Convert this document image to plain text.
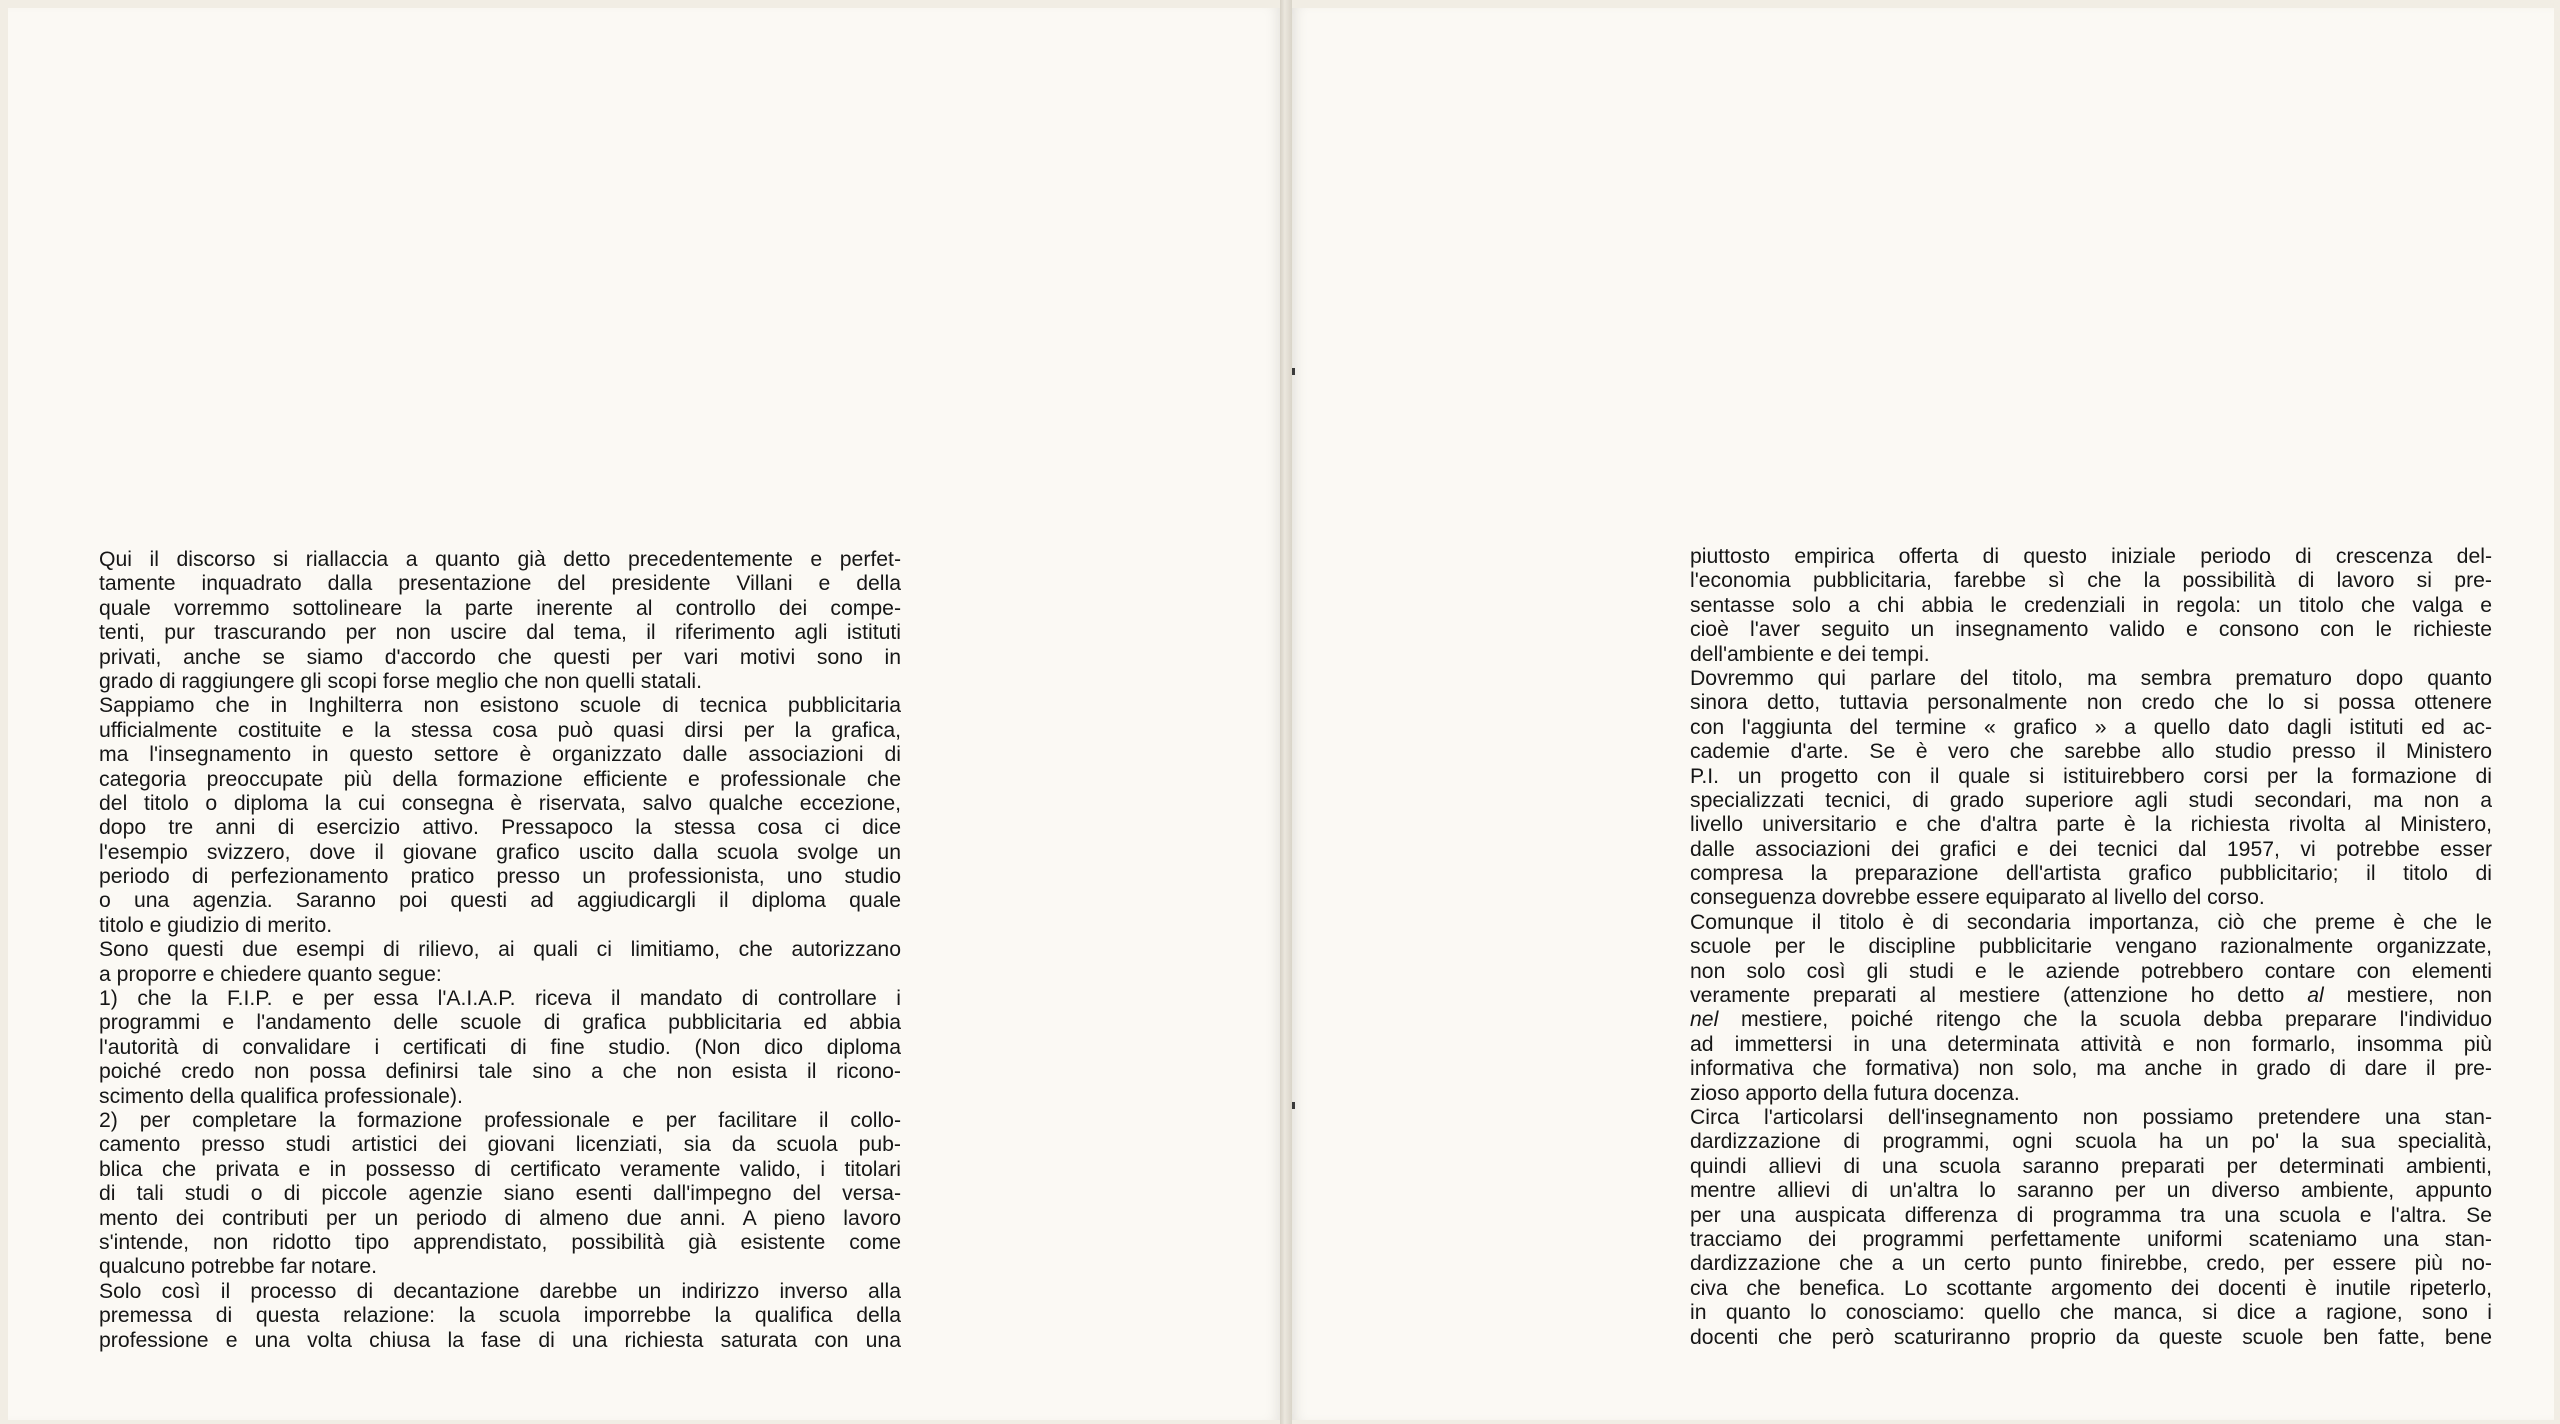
Qui il discorso si riallaccia a quanto già detto precedentemente e perfet-
tamente inquadrato dalla presentazione del presidente Villani e della
quale vorremmo sottolineare la parte inerente al controllo dei compe-
tenti, pur trascurando per non uscire dal tema, il riferimento agli istituti
privati, anche se siamo d'accordo che questi per vari motivi sono in
grado di raggiungere gli scopi forse meglio che non quelli statali.
Sappiamo che in Inghilterra non esistono scuole di tecnica pubblicitaria
ufficialmente costituite e la stessa cosa può quasi dirsi per la grafica,
ma l'insegnamento in questo settore è organizzato dalle associazioni di
categoria preoccupate più della formazione efficiente e professionale che
del titolo o diploma la cui consegna è riservata, salvo qualche eccezione,
dopo tre anni di esercizio attivo. Pressapoco la stessa cosa ci dice
l'esempio svizzero, dove il giovane grafico uscito dalla scuola svolge un
periodo di perfezionamento pratico presso un professionista, uno studio
o una agenzia. Saranno poi questi ad aggiudicargli il diploma quale
titolo e giudizio di merito.
Sono questi due esempi di rilievo, ai quali ci limitiamo, che autorizzano
a proporre e chiedere quanto segue:
1) che la F.I.P. e per essa l'A.I.A.P. riceva il mandato di controllare i
programmi e l'andamento delle scuole di grafica pubblicitaria ed abbia
l'autorità di convalidare i certificati di fine studio. (Non dico diploma
poiché credo non possa definirsi tale sino a che non esista il ricono-
scimento della qualifica professionale).
2) per completare la formazione professionale e per facilitare il collo-
camento presso studi artistici dei giovani licenziati, sia da scuola pub-
blica che privata e in possesso di certificato veramente valido, i titolari
di tali studi o di piccole agenzie siano esenti dall'impegno del versa-
mento dei contributi per un periodo di almeno due anni. A pieno lavoro
s'intende, non ridotto tipo apprendistato, possibilità già esistente come
qualcuno potrebbe far notare.
Solo così il processo di decantazione darebbe un indirizzo inverso alla
premessa di questa relazione: la scuola imporrebbe la qualifica della
professione e una volta chiusa la fase di una richiesta saturata con una
piuttosto empirica offerta di questo iniziale periodo di crescenza del-
l'economia pubblicitaria, farebbe sì che la possibilità di lavoro si pre-
sentasse solo a chi abbia le credenziali in regola: un titolo che valga e
cioè l'aver seguito un insegnamento valido e consono con le richieste
dell'ambiente e dei tempi.
Dovremmo qui parlare del titolo, ma sembra prematuro dopo quanto
sinora detto, tuttavia personalmente non credo che lo si possa ottenere
con l'aggiunta del termine « grafico » a quello dato dagli istituti ed ac-
cademie d'arte. Se è vero che sarebbe allo studio presso il Ministero
P.I. un progetto con il quale si istituirebbero corsi per la formazione di
specializzati tecnici, di grado superiore agli studi secondari, ma non a
livello universitario e che d'altra parte è la richiesta rivolta al Ministero,
dalle associazioni dei grafici e dei tecnici dal 1957, vi potrebbe esser
compresa la preparazione dell'artista grafico pubblicitario; il titolo di
conseguenza dovrebbe essere equiparato al livello del corso.
Comunque il titolo è di secondaria importanza, ciò che preme è che le
scuole per le discipline pubblicitarie vengano razionalmente organizzate,
non solo così gli studi e le aziende potrebbero contare con elementi
veramente preparati al mestiere (attenzione ho detto al mestiere, non
nel mestiere, poiché ritengo che la scuola debba preparare l'individuo
ad immettersi in una determinata attività e non formarlo, insomma più
informativa che formativa) non solo, ma anche in grado di dare il pre-
zioso apporto della futura docenza.
Circa l'articolarsi dell'insegnamento non possiamo pretendere una stan-
dardizzazione di programmi, ogni scuola ha un po' la sua specialità,
quindi allievi di una scuola saranno preparati per determinati ambienti,
mentre allievi di un'altra lo saranno per un diverso ambiente, appunto
per una auspicata differenza di programma tra una scuola e l'altra. Se
tracciamo dei programmi perfettamente uniformi scateniamo una stan-
dardizzazione che a un certo punto finirebbe, credo, per essere più no-
civa che benefica. Lo scottante argomento dei docenti è inutile ripeterlo,
in quanto lo conosciamo: quello che manca, si dice a ragione, sono i
docenti che però scaturiranno proprio da queste scuole ben fatte, bene
